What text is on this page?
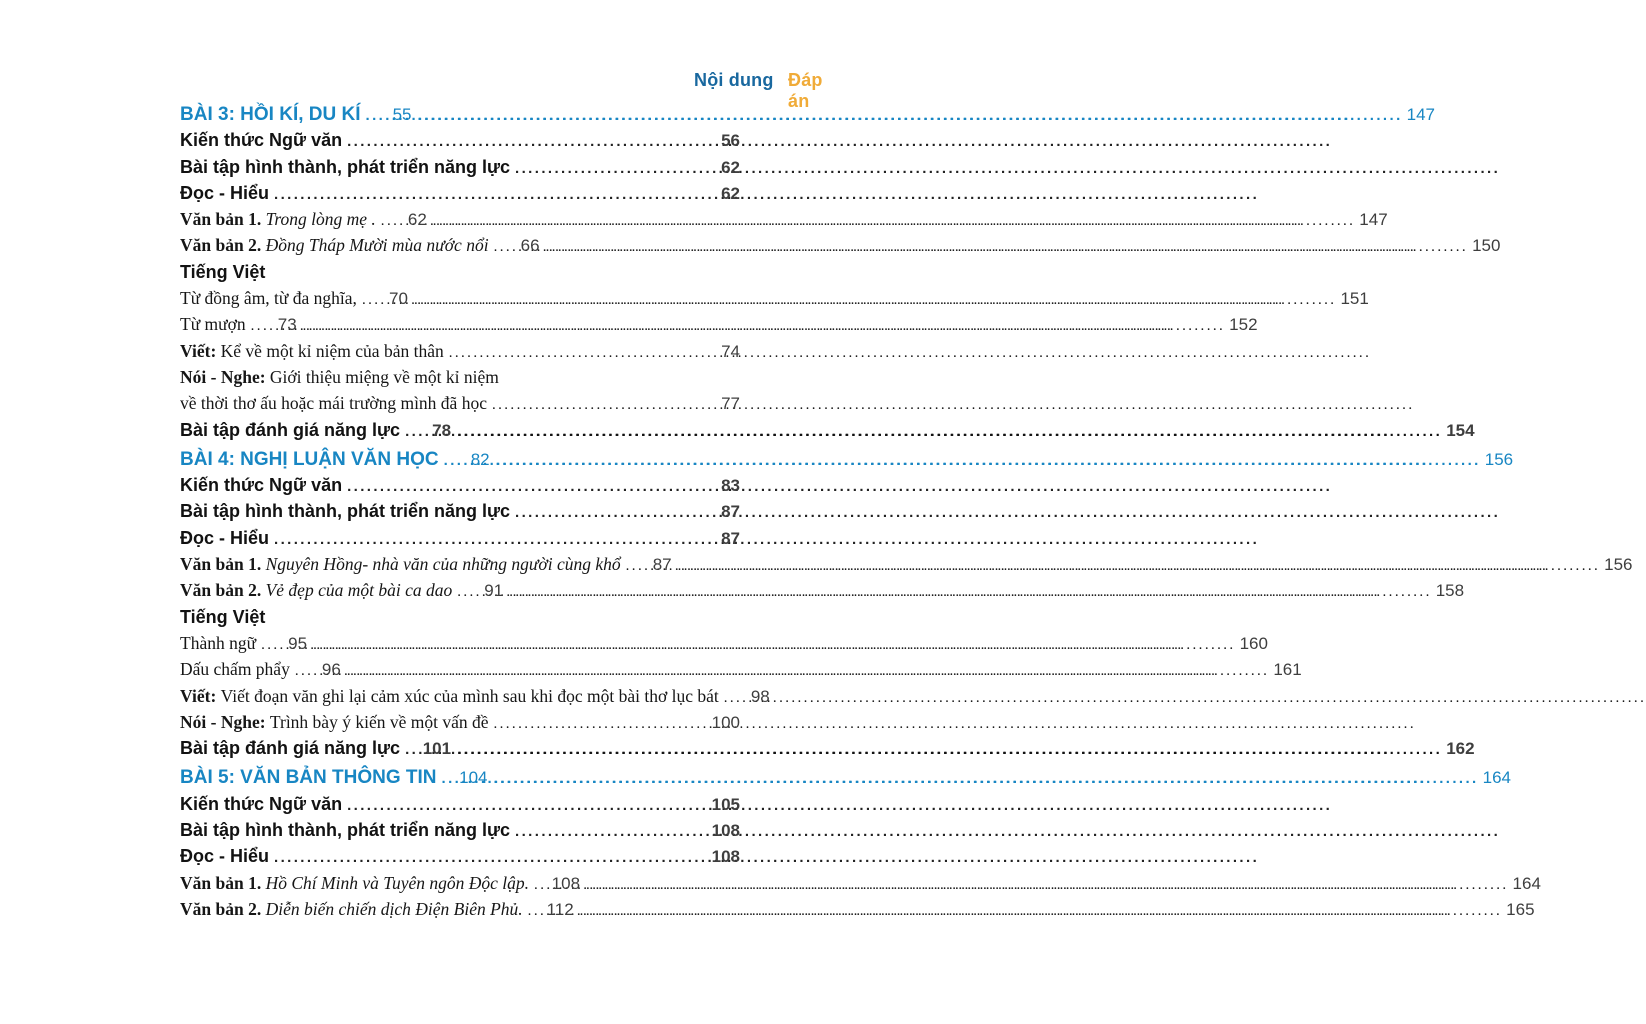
Nội dung Đáp án
BÀI 3: HỒI KÍ, DU KÍ .....	55 .....	147
Kiến thức Ngữ văn .....	56
Bài tập hình thành, phát triển năng lực .....	62
Đọc - Hiểu .....	62
Văn bản 1. Trong lòng mẹ . .....	62 .....	147
Văn bản 2. Đồng Tháp Mười mùa nước nổi .....	66 .....	150
Tiếng Việt
Từ đồng âm, từ đa nghĩa, .....	70 .....	151
Từ mượn .....	73 .....	152
Viết: Kể về một kỉ niệm của bản thân .....	74
Nói - Nghe: Giới thiệu miệng về một kỉ niệm
về thời thơ ấu hoặc mái trường mình đã học .....	77
Bài tập đánh giá năng lực .....	78 .....	154
BÀI 4: NGHỊ LUẬN VĂN HỌC .....	82 .....	156
Kiến thức Ngữ văn .....	83
Bài tập hình thành, phát triển năng lực .....	87
Đọc - Hiểu .....	87
Văn bản 1. Nguyên Hồng- nhà văn của những người cùng khổ .....	87 .....	156
Văn bản 2. Vẻ đẹp của một bài ca dao .....	91 .....	158
Tiếng Việt
Thành ngữ .....	95 .....	160
Dấu chấm phẩy .....	96 .....	161
Viết: Viết đoạn văn ghi lại cảm xúc của mình sau khi đọc một bài thơ lục bát .....	98
Nói - Nghe: Trình bày ý kiến về một vấn đề .....	100
Bài tập đánh giá năng lực .....	101 .....	162
BÀI 5: VĂN BẢN THÔNG TIN .....	104 .....	164
Kiến thức Ngữ văn .....	105
Bài tập hình thành, phát triển năng lực .....	108
Đọc - Hiểu .....	108
Văn bản 1. Hồ Chí Minh và Tuyên ngôn Độc lập. .....	108 .....	164
Văn bản 2. Diễn biến chiến dịch Điện Biên Phủ. .....	112 .....	165
